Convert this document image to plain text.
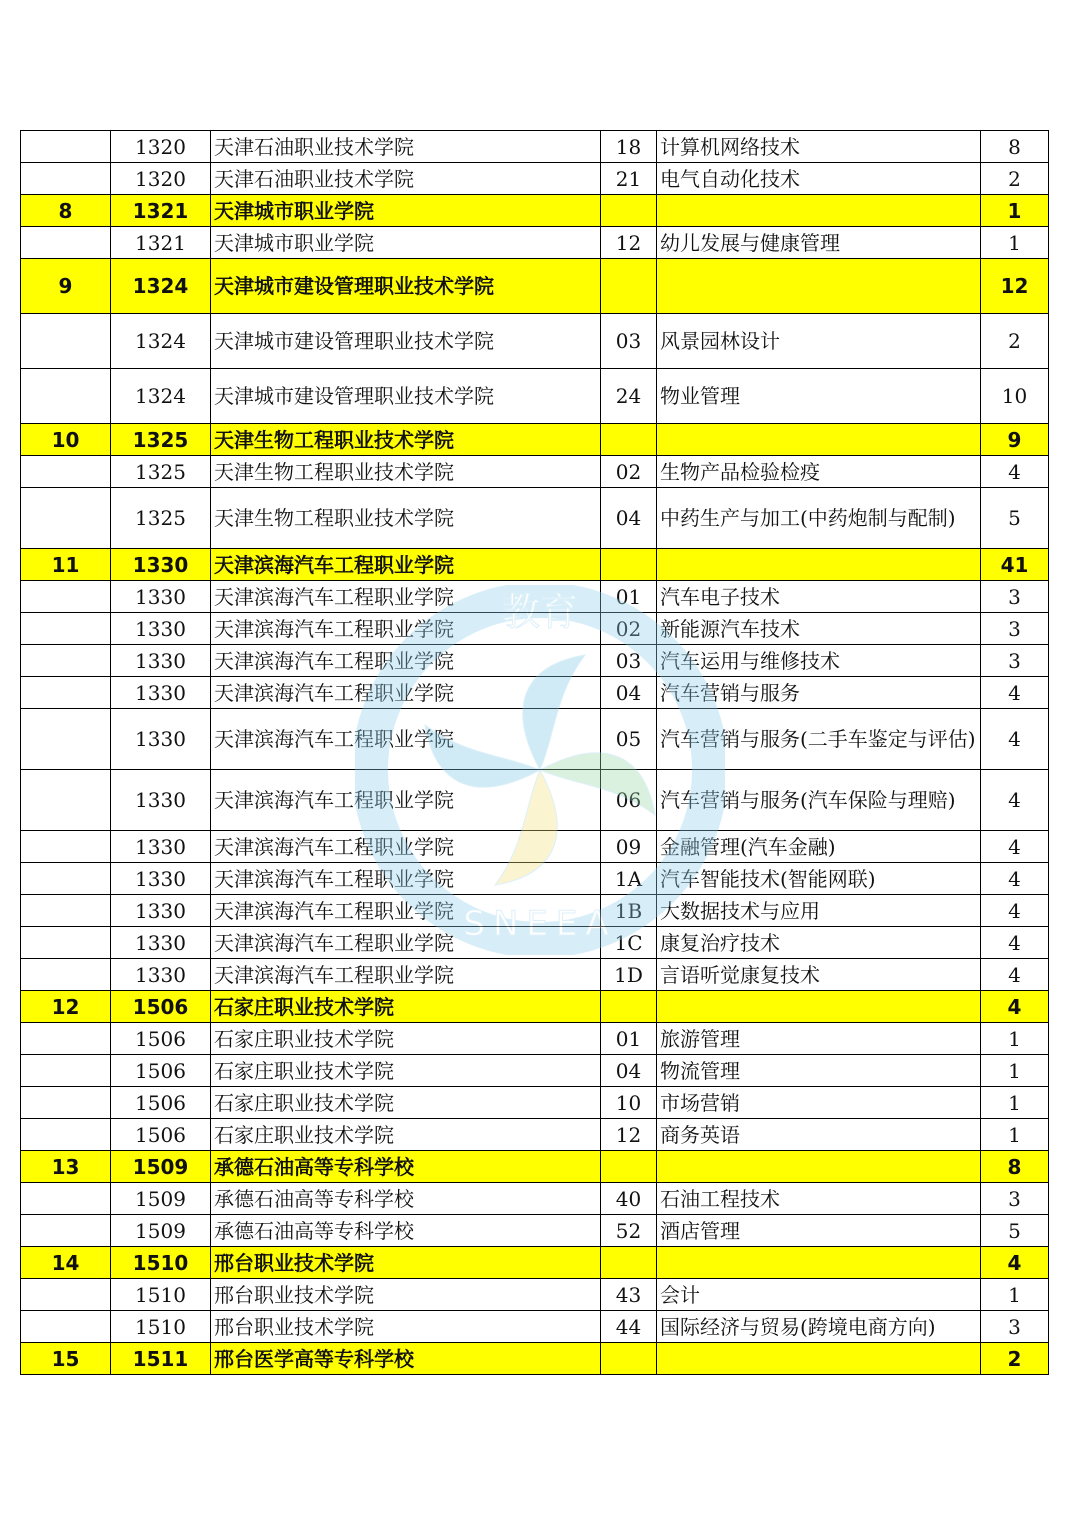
	1320	天津石油职业技术学院	18	计算机网络技术	8
	1320	天津石油职业技术学院	21	电气自动化技术	2
8	1321	天津城市职业学院			1
	1321	天津城市职业学院	12	幼儿发展与健康管理	1
9	1324	天津城市建设管理职业技术学院			12
	1324	天津城市建设管理职业技术学院	03	风景园林设计	2
	1324	天津城市建设管理职业技术学院	24	物业管理	10
10	1325	天津生物工程职业技术学院			9
	1325	天津生物工程职业技术学院	02	生物产品检验检疫	4
	1325	天津生物工程职业技术学院	04	中药生产与加工(中药炮制与配制)	5
11	1330	天津滨海汽车工程职业学院			41
	1330	天津滨海汽车工程职业学院	01	汽车电子技术	3
	1330	天津滨海汽车工程职业学院	02	新能源汽车技术	3
	1330	天津滨海汽车工程职业学院	03	汽车运用与维修技术	3
	1330	天津滨海汽车工程职业学院	04	汽车营销与服务	4
	1330	天津滨海汽车工程职业学院	05	汽车营销与服务(二手车鉴定与评估)	4
	1330	天津滨海汽车工程职业学院	06	汽车营销与服务(汽车保险与理赔)	4
	1330	天津滨海汽车工程职业学院	09	金融管理(汽车金融)	4
	1330	天津滨海汽车工程职业学院	1A	汽车智能技术(智能网联)	4
	1330	天津滨海汽车工程职业学院	1B	大数据技术与应用	4
	1330	天津滨海汽车工程职业学院	1C	康复治疗技术	4
	1330	天津滨海汽车工程职业学院	1D	言语听觉康复技术	4
12	1506	石家庄职业技术学院			4
	1506	石家庄职业技术学院	01	旅游管理	1
	1506	石家庄职业技术学院	04	物流管理	1
	1506	石家庄职业技术学院	10	市场营销	1
	1506	石家庄职业技术学院	12	商务英语	1
13	1509	承德石油高等专科学校			8
	1509	承德石油高等专科学校	40	石油工程技术	3
	1509	承德石油高等专科学校	52	酒店管理	5
14	1510	邢台职业技术学院			4
	1510	邢台职业技术学院	43	会计	1
	1510	邢台职业技术学院	44	国际经济与贸易(跨境电商方向)	3
15	1511	邢台医学高等专科学校			2
教育
SNEEA
